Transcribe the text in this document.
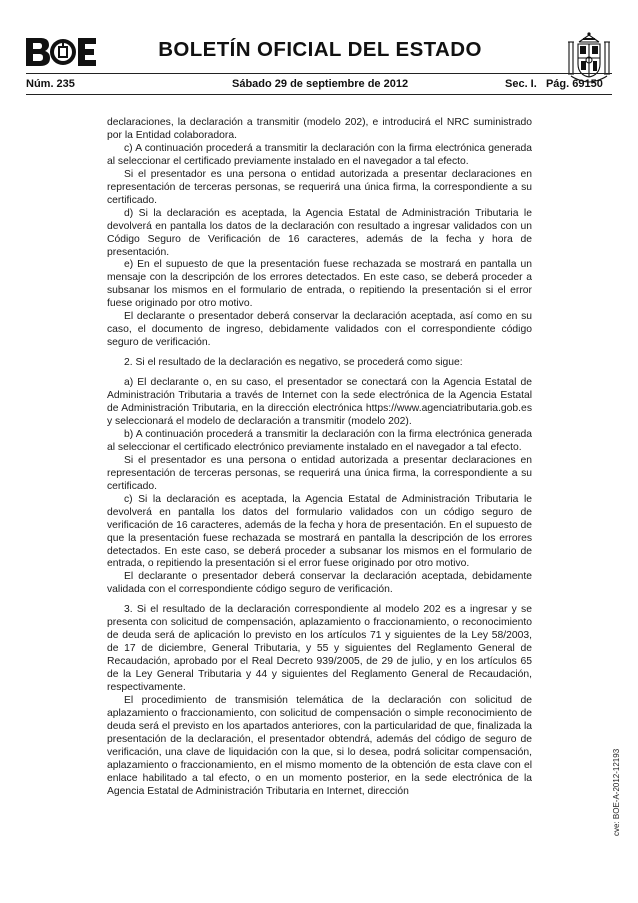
BOLETÍN OFICIAL DEL ESTADO
Núm. 235	Sábado 29 de septiembre de 2012	Sec. I.   Pág. 69150

declaraciones, la declaración a transmitir (modelo 202), e introducirá el NRC suministrado por la Entidad colaboradora.

c) A continuación procederá a transmitir la declaración con la firma electrónica generada al seleccionar el certificado previamente instalado en el navegador a tal efecto.

Si el presentador es una persona o entidad autorizada a presentar declaraciones en representación de terceras personas, se requerirá una única firma, la correspondiente a su certificado.

d) Si la declaración es aceptada, la Agencia Estatal de Administración Tributaria le devolverá en pantalla los datos de la declaración con resultado a ingresar validados con un Código Seguro de Verificación de 16 caracteres, además de la fecha y hora de presentación.

e) En el supuesto de que la presentación fuese rechazada se mostrará en pantalla un mensaje con la descripción de los errores detectados. En este caso, se deberá proceder a subsanar los mismos en el formulario de entrada, o repitiendo la presentación si el error fuese originado por otro motivo.

El declarante o presentador deberá conservar la declaración aceptada, así como en su caso, el documento de ingreso, debidamente validados con el correspondiente código seguro de verificación.

2. Si el resultado de la declaración es negativo, se procederá como sigue:

a) El declarante o, en su caso, el presentador se conectará con la Agencia Estatal de Administración Tributaria a través de Internet con la sede electrónica de la Agencia Estatal de Administración Tributaria, en la dirección electrónica https://www.agenciatributaria.gob.es y seleccionará el modelo de declaración a transmitir (modelo 202).

b) A continuación procederá a transmitir la declaración con la firma electrónica generada al seleccionar el certificado electrónico previamente instalado en el navegador a tal efecto.

Si el presentador es una persona o entidad autorizada a presentar declaraciones en representación de terceras personas, se requerirá una única firma, la correspondiente a su certificado.

c) Si la declaración es aceptada, la Agencia Estatal de Administración Tributaria le devolverá en pantalla los datos del formulario validados con un código seguro de verificación de 16 caracteres, además de la fecha y hora de presentación. En el supuesto de que la presentación fuese rechazada se mostrará en pantalla la descripción de los errores detectados. En este caso, se deberá proceder a subsanar los mismos en el formulario de entrada, o repitiendo la presentación si el error fuese originado por otro motivo.

El declarante o presentador deberá conservar la declaración aceptada, debidamente validada con el correspondiente código seguro de verificación.

3. Si el resultado de la declaración correspondiente al modelo 202 es a ingresar y se presenta con solicitud de compensación, aplazamiento o fraccionamiento, o reconocimiento de deuda será de aplicación lo previsto en los artículos 71 y siguientes de la Ley 58/2003, de 17 de diciembre, General Tributaria, y 55 y siguientes del Reglamento General de Recaudación, aprobado por el Real Decreto 939/2005, de 29 de julio, y en los artículos 65 de la Ley General Tributaria y 44 y siguientes del Reglamento General de Recaudación, respectivamente.

El procedimiento de transmisión telemática de la declaración con solicitud de aplazamiento o fraccionamiento, con solicitud de compensación o simple reconocimiento de deuda será el previsto en los apartados anteriores, con la particularidad de que, finalizada la presentación de la declaración, el presentador obtendrá, además del código de seguro de verificación, una clave de liquidación con la que, si lo desea, podrá solicitar compensación, aplazamiento o fraccionamiento, en el mismo momento de la obtención de esta clave con el enlace habilitado a tal efecto, o en un momento posterior, en la sede electrónica de la Agencia Estatal de Administración Tributaria en Internet, dirección	cve: BOE-A-2012-12193
